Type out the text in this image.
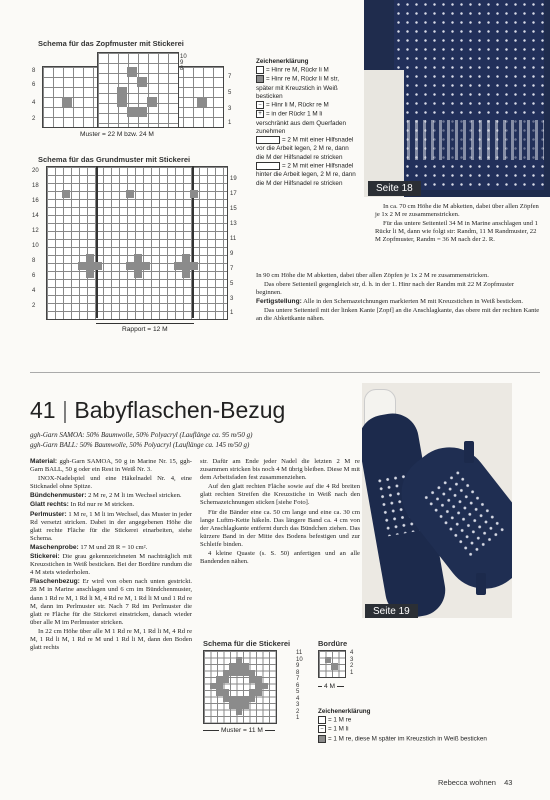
Schema für das Zopfmuster mit Stickerei
8
6
4
2
10
9
8
7
5
3
1
Muster = 22 M bzw. 24 M
Schema für das Grundmuster mit Stickerei
20
18
16
14
12
10
8
6
4
2
19
17
15
13
11
9
7
5
3
1
Rapport = 12 M
Zeichenerklärung
= Hinr re M, Rückr li M
= Hinr re M, Rückr li M str, später mit Kreuzstich in Weiß besticken
– = Hinr li M, Rückr re M
+ = in der Rückr 1 M li verschränkt aus dem Querfaden zunehmen
= 2 M mit einer Hilfsnadel vor die Arbeit legen, 2 M re, dann die M der Hilfsnadel re stricken
= 2 M mit einer Hilfsnadel hinter die Arbeit legen, 2 M re, dann die M der Hilfsnadel re stricken	Seite 18

In ca. 70 cm Höhe die M abketten, dabei über allen Zöpfen je 1x 2 M re zusammenstricken.

Für das untere Seitenteil 34 M in Marine anschlagen und 1 Rückr li M, dann wie folgt str: Randm, 11 M Randmuster, 22 M Zopfmuster, Randm = 36 M nach der 2. R.

In 90 cm Höhe die M abketten, dabei über allen Zöpfen je 1x 2 M re zusammenstricken.

Das obere Seitenteil gegengleich str, d. h. in der 1. Hinr nach der Randm mit 22 M Zopfmuster beginnen.

Fertigstellung: Alle in den Schemazeichnungen markierten M mit Kreuzstichen in Weiß besticken.

Das untere Seitenteil mit der linken Kante [Zopf] an die Anschlagkante, das obere mit der rechten Kante an die Abkettkante nähen.

41 | Babyflaschen-Bezug
ggh-Garn SAMOA: 50% Baumwolle, 50% Polyacryl (Lauflänge ca. 95 m/50 g)
ggh-Garn BALL: 50% Baumwolle, 50% Polyacryl (Lauflänge ca. 145 m/50 g)

Material: ggh-Garn SAMOA, 50 g in Marine Nr. 15, ggh-Garn BALL, 50 g oder ein Rest in Weiß Nr. 3.

INOX-Nadelspiel und eine Häkelnadel Nr. 4, eine Sticknadel ohne Spitze.

Bündchenmuster: 2 M re, 2 M li im Wechsel stricken.

Glatt rechts: In Rd nur re M stricken.

Perlmuster: 1 M re, 1 M li im Wechsel, das Muster in jeder Rd versetzt stricken. Dabei in der angegebenen Höhe die glatt rechte Fläche für die Stickerei einarbeiten, siehe Schema.

Maschenprobe: 17 M und 28 R = 10 cm².

Stickerei: Die grau gekennzeichneten M nachträglich mit Kreuzstichen in Weiß besticken. Bei der Bordüre rundum die 4 M stets wiederholen.

Flaschenbezug: Er wird von oben nach unten gestrickt. 28 M in Marine anschlagen und 6 cm im Bündchenmuster, dann 1 Rd re M, 1 Rd li M, 4 Rd re M, 1 Rd li M und 1 Rd re M, dann im Perlmuster str. Nach 7 Rd im Perlmuster die glatt re Fläche für die Stickerei einstricken, danach wieder über alle M im Perlmuster stricken.

In 22 cm Höhe über alle M 1 Rd re M, 1 Rd li M, 4 Rd re M, 1 Rd li M, 1 Rd re M und 1 Rd li M, dann den Boden glatt rechts

str. Dafür am Ende jeder Nadel die letzten 2 M re zusammen stricken bis noch 4 M übrig bleiben. Diese M mit dem Arbeitsfaden fest zusammenziehen.

Auf den glatt rechten Fläche sowie auf die 4 Rd breiten glatt rechten Streifen die Kreuzstiche in Weiß nach den Schemazeichnungen sticken [siehe Foto].

Für die Bänder eine ca. 50 cm lange und eine ca. 30 cm lange Luftm-Kette häkeln. Das längere Band ca. 4 cm von der Anschlagkante entfernt durch das Bündchen ziehen. Das kürzere Band in der Mitte des Bodens befestigen und zur Schleife binden.

4 kleine Quaste (s. S. 50) anfertigen und an alle Bandenden nähen.

Seite 19
Schema für die Stickerei
11
10
9
8
7
6
5
4
3
2
1
Muster = 11 M
Bordüre
4
3
2
1
4 M
Zeichenerklärung
= 1 M re
– = 1 M li
= 1 M re, diese M später im Kreuzstich in Weiß besticken
Rebecca wohnen 43
